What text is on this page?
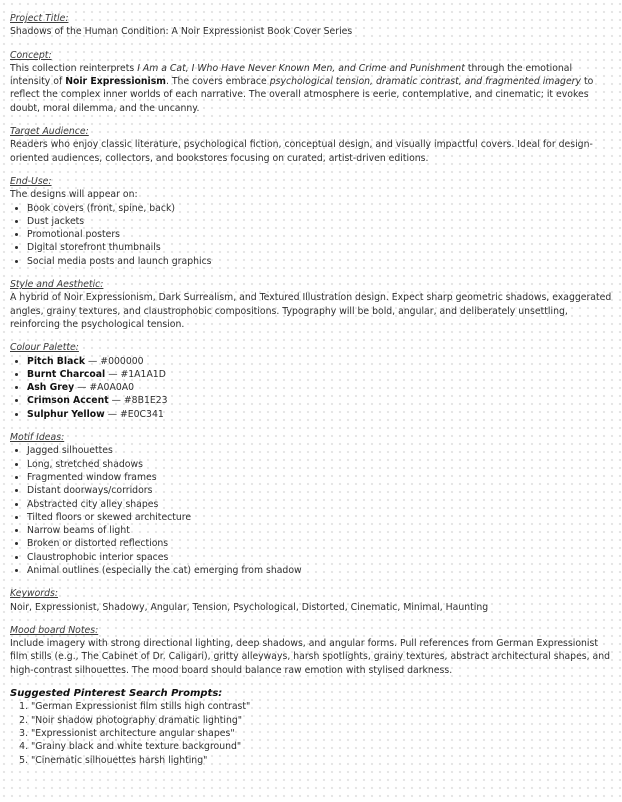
Project Title:

Shadows of the Human Condition: A Noir Expressionist Book Cover Series

Concept:

This collection reinterprets I Am a Cat, I Who Have Never Known Men, and Crime and Punishment through the emotional intensity of Noir Expressionism. The covers embrace psychological tension, dramatic contrast, and fragmented imagery to reflect the complex inner worlds of each narrative. The overall atmosphere is eerie, contemplative, and cinematic; it evokes doubt, moral dilemma, and the uncanny.

Target Audience:

Readers who enjoy classic literature, psychological fiction, conceptual design, and visually impactful covers. Ideal for design-oriented audiences, collectors, and bookstores focusing on curated, artist-driven editions.

End-Use:

The designs will appear on:

• Book covers (front, spine, back)
• Dust jackets
• Promotional posters
• Digital storefront thumbnails
• Social media posts and launch graphics

Style and Aesthetic:

A hybrid of Noir Expressionism, Dark Surrealism, and Textured Illustration design. Expect sharp geometric shadows, exaggerated angles, grainy textures, and claustrophobic compositions. Typography will be bold, angular, and deliberately unsettling, reinforcing the psychological tension.

Colour Palette:

• Pitch Black — #000000
• Burnt Charcoal — #1A1A1D
• Ash Grey — #A0A0A0
• Crimson Accent — #8B1E23
• Sulphur Yellow — #E0C341

Motif Ideas:

• Jagged silhouettes
• Long, stretched shadows
• Fragmented window frames
• Distant doorways/corridors
• Abstracted city alley shapes
• Tilted floors or skewed architecture
• Narrow beams of light
• Broken or distorted reflections
• Claustrophobic interior spaces
• Animal outlines (especially the cat) emerging from shadow

Keywords:

Noir, Expressionist, Shadowy, Angular, Tension, Psychological, Distorted, Cinematic, Minimal, Haunting

Mood board Notes:

Include imagery with strong directional lighting, deep shadows, and angular forms. Pull references from German Expressionist film stills (e.g., The Cabinet of Dr. Caligari), gritty alleyways, harsh spotlights, grainy textures, abstract architectural shapes, and high-contrast silhouettes. The mood board should balance raw emotion with stylised darkness.

Suggested Pinterest Search Prompts:

1. "German Expressionist film stills high contrast"
2. "Noir shadow photography dramatic lighting"
3. "Expressionist architecture angular shapes"
4. "Grainy black and white texture background"
5. "Cinematic silhouettes harsh lighting"
